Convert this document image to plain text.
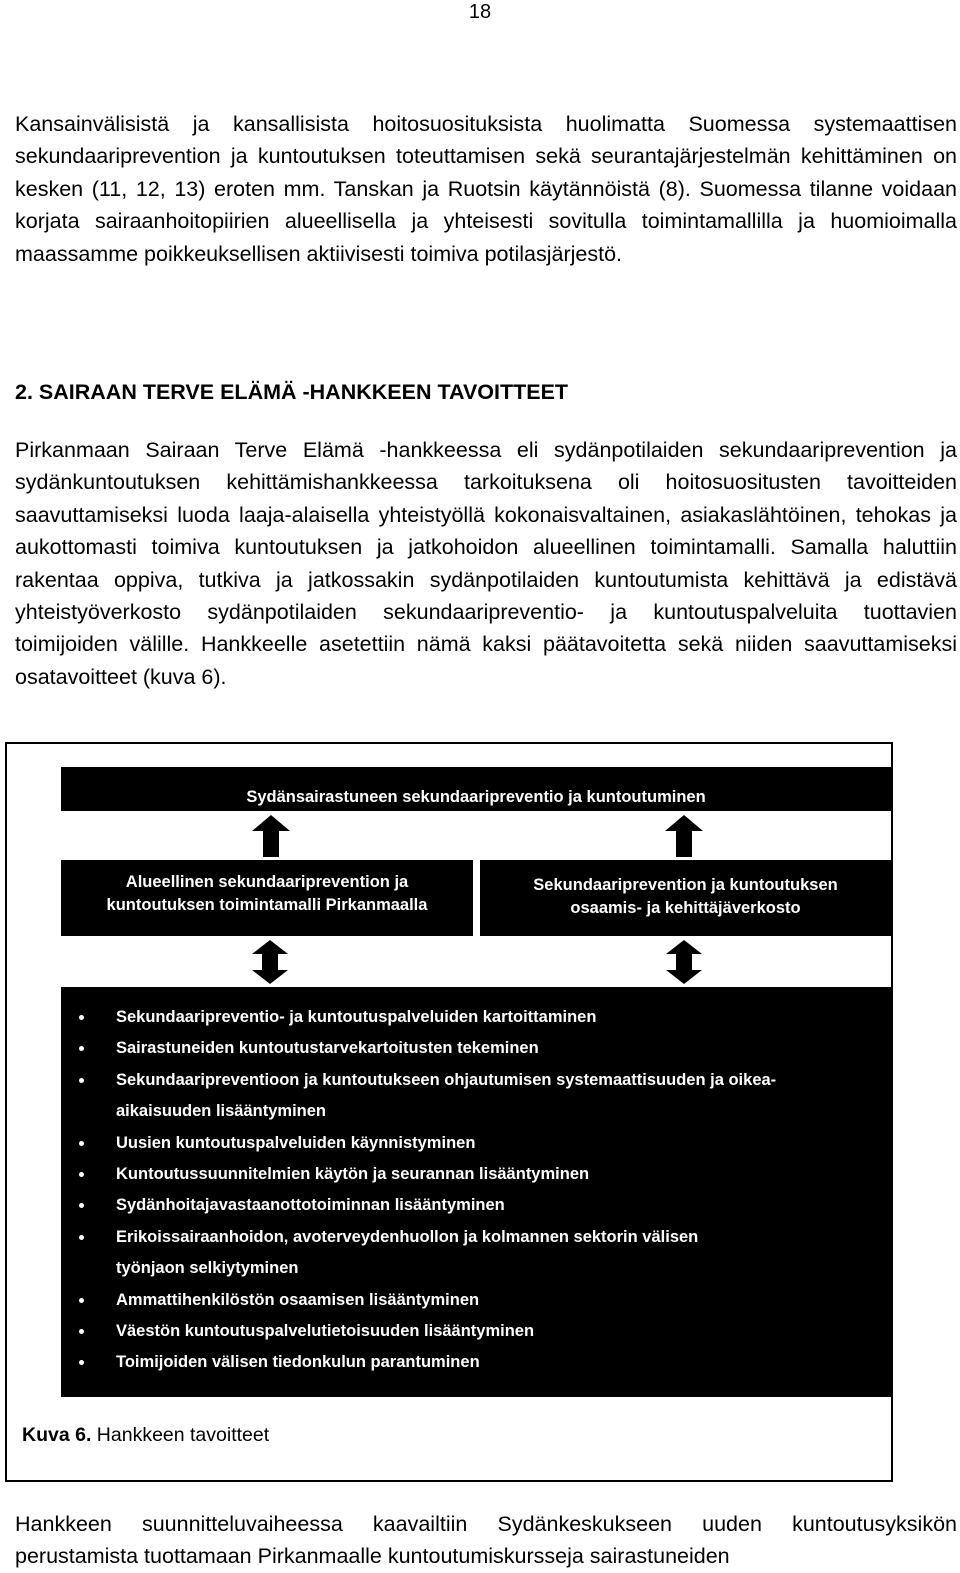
18

Kansainvälisistä ja kansallisista hoitosuosituksista huolimatta Suomessa systemaattisen sekundaariprevention ja kuntoutuksen toteuttamisen sekä seurantajärjestelmän kehittäminen on kesken (11, 12, 13) eroten mm. Tanskan ja Ruotsin käytännöistä (8). Suomessa tilanne voidaan korjata sairaanhoitopiirien alueellisella ja yhteisesti sovitulla toimintamallilla ja huomioimalla maassamme poikkeuksellisen aktiivisesti toimiva potilasjärjestö.

2. SAIRAAN TERVE ELÄMÄ -HANKKEEN TAVOITTEET

Pirkanmaan Sairaan Terve Elämä -hankkeessa eli sydänpotilaiden sekundaariprevention ja sydänkuntoutuksen kehittämishankkeessa tarkoituksena oli hoitosuositusten tavoitteiden saavuttamiseksi luoda laaja-alaisella yhteistyöllä kokonaisvaltainen, asiakaslähtöinen, tehokas ja aukottomasti toimiva kuntoutuksen ja jatkohoidon alueellinen toimintamalli. Samalla haluttiin rakentaa oppiva, tutkiva ja jatkossakin sydänpotilaiden kuntoutumista kehittävä ja edistävä yhteistyöverkosto sydänpotilaiden sekundaaripreventio- ja kuntoutuspalveluita tuottavien toimijoiden välille. Hankkeelle asetettiin nämä kaksi päätavoitetta sekä niiden saavuttamiseksi osatavoitteet (kuva 6).

Sydänsairastuneen sekundaaripreventio ja kuntoutuminen
Alueellinen sekundaariprevention ja
kuntoutuksen toimintamalli Pirkanmaalla
Sekundaariprevention ja kuntoutuksen
osaamis- ja kehittäjäverkosto
Sekundaaripreventio- ja kuntoutuspalveluiden kartoittaminen
Sairastuneiden kuntoutustarvekartoitusten tekeminen
Sekundaaripreventioon ja kuntoutukseen ohjautumisen systemaattisuuden ja oikea-aikaisuuden lisääntyminen
Uusien kuntoutuspalveluiden käynnistyminen
Kuntoutussuunnitelmien käytön ja seurannan lisääntyminen
Sydänhoitajavastaanottotoiminnan lisääntyminen
Erikoissairaanhoidon, avoterveydenhuollon ja kolmannen sektorin välisen työnjaon selkiytyminen
Ammattihenkilöstön osaamisen lisääntyminen
Väestön kuntoutuspalvelutietoisuuden lisääntyminen
Toimijoiden välisen tiedonkulun parantuminen

Kuva 6. Hankkeen tavoitteet

Hankkeen suunnitteluvaiheessa kaavailtiin Sydänkeskukseen uuden kuntoutusyksikön perustamista tuottamaan Pirkanmaalle kuntoutumiskursseja sairastuneiden
